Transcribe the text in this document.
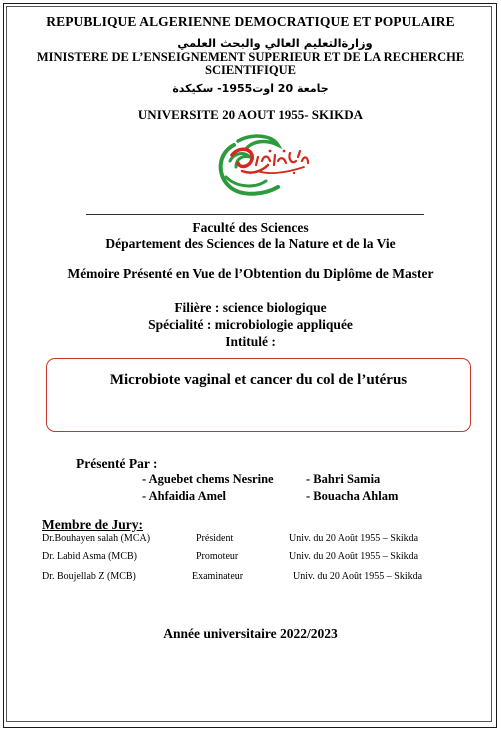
REPUBLIQUE ALGERIENNE DEMOCRATIQUE ET POPULAIRE
وزارةالتعليم العالي والبحث العلمي
MINISTERE DE L’ENSEIGNEMENT SUPERIEUR ET DE LA RECHERCHE
SCIENTIFIQUE
جامعة 20 اوت1955- سكيكدة
UNIVERSITE 20 AOUT 1955- SKIKDA
Faculté des Sciences
Département des Sciences de la Nature et de la Vie
Mémoire Présenté en Vue de l’Obtention du Diplôme de Master
Filière : science biologique
Spécialité : microbiologie appliquée
Intitulé :
Microbiote vaginal et cancer du col de l’utérus
Présenté Par :
- Aguebet chems Nesrine	- Bahri Samia
- Ahfaidia Amel	- Bouacha Ahlam
Membre de Jury:
Dr.Bouhayen salah (MCA)	Président	Univ. du 20 Août 1955 – Skikda
Dr. Labid Asma (MCB)	Promoteur	Univ. du 20 Août 1955 – Skikda
Dr. Boujellab Z (MCB)	Examinateur	Univ. du 20 Août 1955 – Skikda
Année universitaire 2022/2023
